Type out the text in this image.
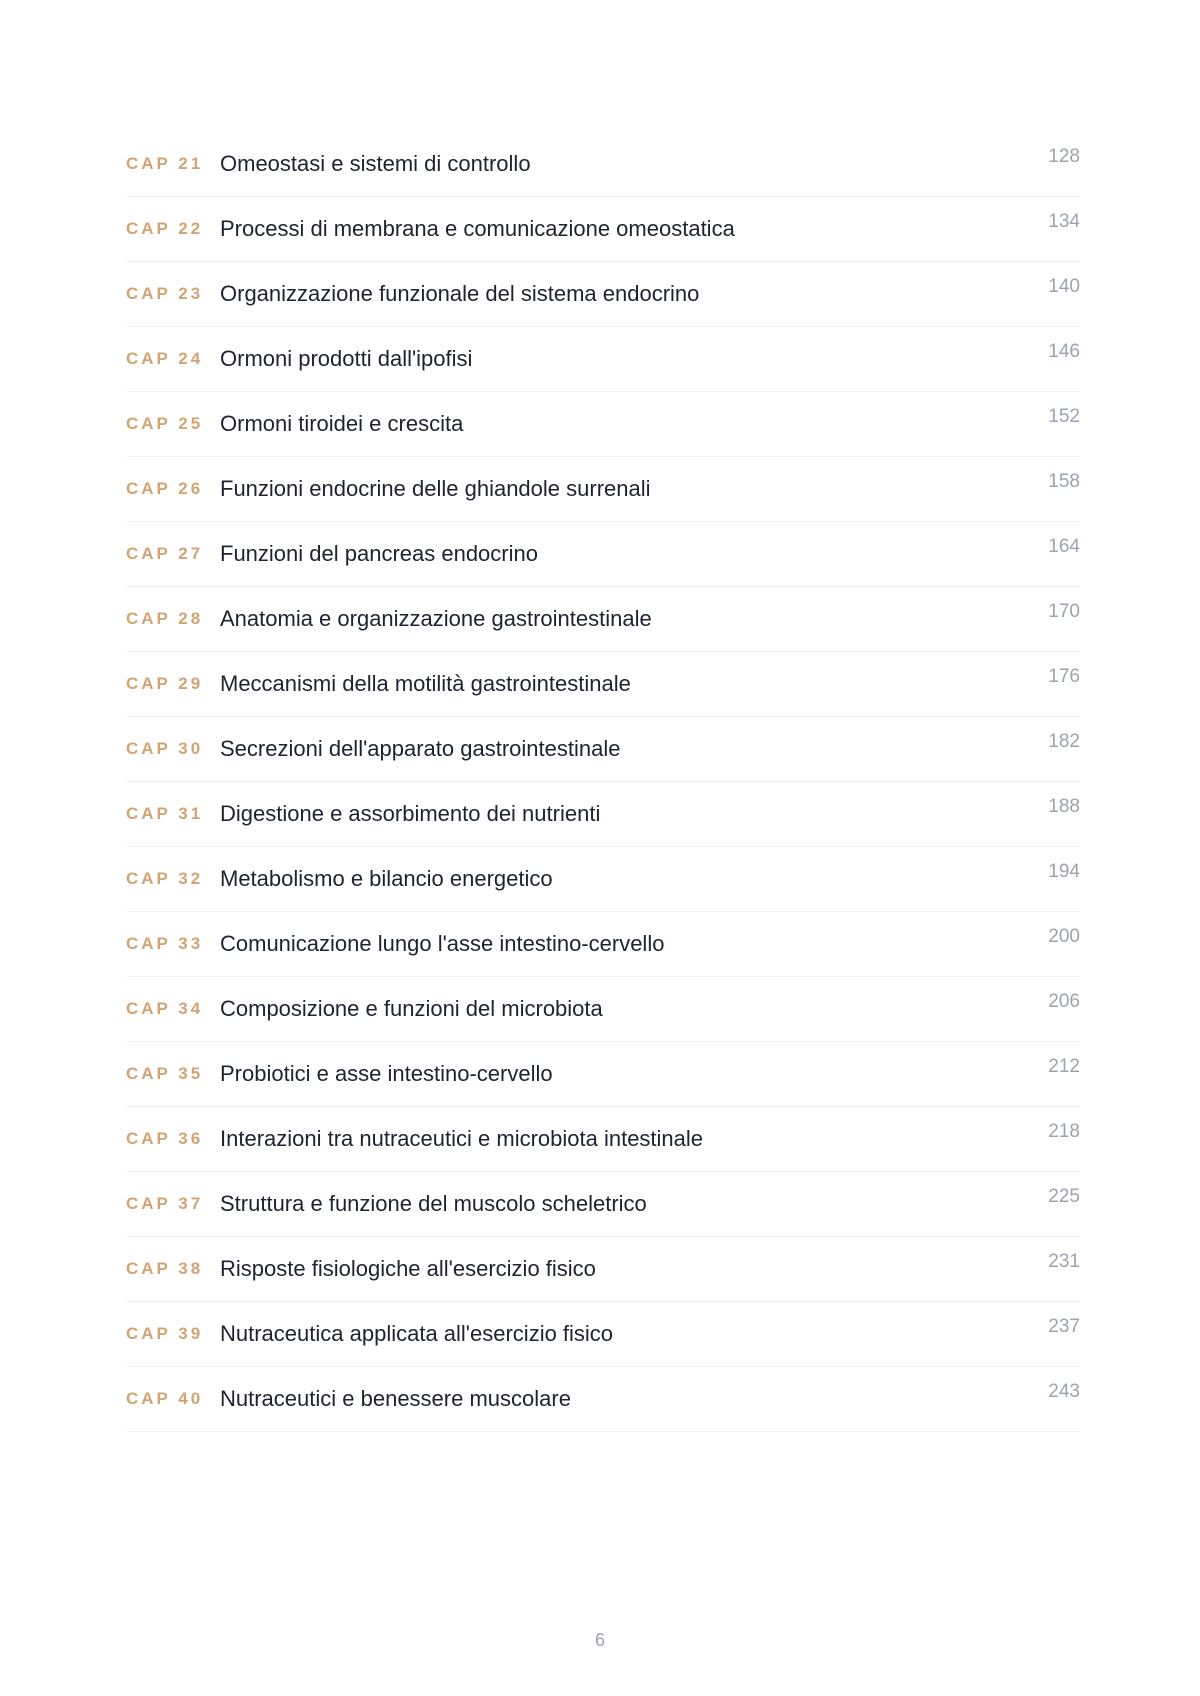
CAP 21 Omeostasi e sistemi di controllo	128
CAP 22 Processi di membrana e comunicazione omeostatica	134
CAP 23 Organizzazione funzionale del sistema endocrino	140
CAP 24 Ormoni prodotti dall'ipofisi	146
CAP 25 Ormoni tiroidei e crescita	152
CAP 26 Funzioni endocrine delle ghiandole surrenali	158
CAP 27 Funzioni del pancreas endocrino	164
CAP 28 Anatomia e organizzazione gastrointestinale	170
CAP 29 Meccanismi della motilità gastrointestinale	176
CAP 30 Secrezioni dell'apparato gastrointestinale	182
CAP 31 Digestione e assorbimento dei nutrienti	188
CAP 32 Metabolismo e bilancio energetico	194
CAP 33 Comunicazione lungo l'asse intestino-cervello	200
CAP 34 Composizione e funzioni del microbiota	206
CAP 35 Probiotici e asse intestino-cervello	212
CAP 36 Interazioni tra nutraceutici e microbiota intestinale	218
CAP 37 Struttura e funzione del muscolo scheletrico	225
CAP 38 Risposte fisiologiche all'esercizio fisico	231
CAP 39 Nutraceutica applicata all'esercizio fisico	237
CAP 40 Nutraceutici e benessere muscolare	243
6
